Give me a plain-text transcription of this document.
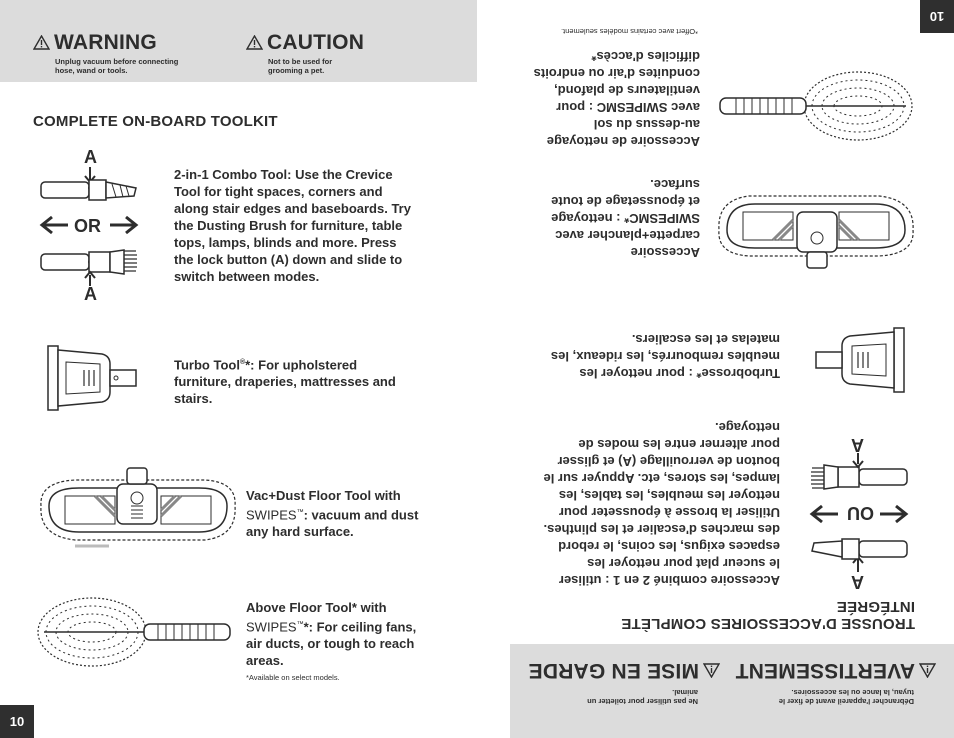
WARNING
Unplug vacuum before connecting
hose, wand or tools.
CAUTION
Not to be used for
grooming a pet.
COMPLETE ON-BOARD TOOLKIT
A
OR
A
2-in-1 Combo Tool: Use the Crevice
Tool for tight spaces, corners and
along stair edges and baseboards. Try
the Dusting Brush for furniture, table
tops, lamps, blinds and more. Press
the lock button (A) down and slide to
switch between modes.
Turbo Tool®*: For upholstered
furniture, draperies, mattresses and
stairs.
Vac+Dust Floor Tool with
SWIPES™: vacuum and dust
any hard surface.
Above Floor Tool* with
SWIPES™*: For ceiling fans,
air ducts, or tough to reach
areas.
*Available on select models.
10
10
*Offert avec certains modèles seulement.
Accessoire de nettoyage
au-dessus du sol
avec SWIPESMC : pour
ventilateurs de plafond,
conduites d'air ou endroits
difficiles d'accès*
Accessoire
carpette+plancher avec
SWIPESMC* : nettoyage
et époussetage de toute
surface.
Turbobrosse* : pour nettoyer les
meubles rembourrés, les rideaux, les
matelas et les escaliers.
Accessoire combiné 2 en 1 : utiliser
le suceur plat pour nettoyer les
espaces exigus, les coins, le rebord
des marches d'escalier et les plinthes.
Utiliser la brosse à épousseter pour
nettoyer les meubles, les tables, les
lampes, les stores, etc. Appuyer sur le
bouton de verrouillage (A) et glisser
pour alterner entre les modes de
nettoyage.
A
OU
A
TROUSSE D'ACCESSOIRES COMPLÈTE
INTÉGRÉE
Ne pas utiliser pour toiletter un
animal.
MISE EN GARDE
Débrancher l'appareil avant de fixer le
tuyau, la lance ou les accessoires.
AVERTISSEMENT
